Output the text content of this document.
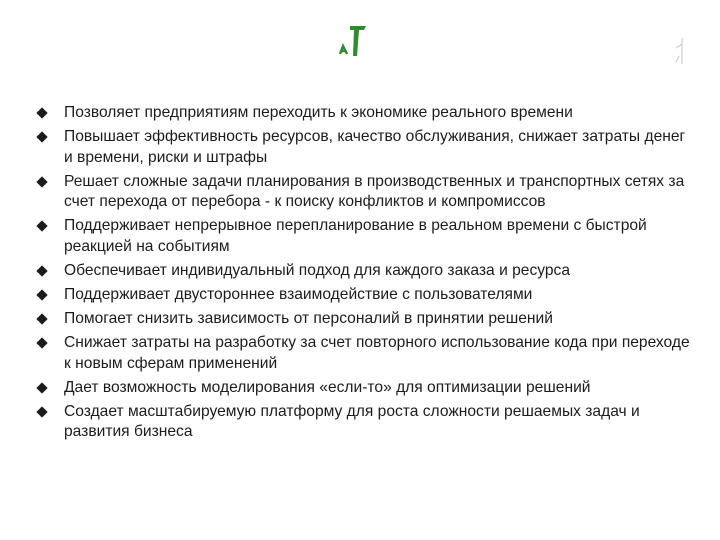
Позволяет предприятиям переходить к экономике реального времени
Повышает эффективность ресурсов, качество обслуживания, снижает затраты денег и времени, риски и штрафы
Решает сложные задачи планирования в производственных и транспортных сетях за счет перехода от перебора - к поиску конфликтов и компромиссов
Поддерживает непрерывное перепланирование в реальном времени с быстрой реакцией на событиям
Обеспечивает индивидуальный подход для каждого заказа и ресурса
Поддерживает двустороннее взаимодействие с пользователями
Помогает снизить зависимость от персоналий в принятии решений
Снижает затраты на разработку за счет повторного использование кода при переходе к новым сферам применений
Дает возможность моделирования «если-то» для оптимизации решений
Создает масштабируемую платформу для роста сложности решаемых задач и развития бизнеса
